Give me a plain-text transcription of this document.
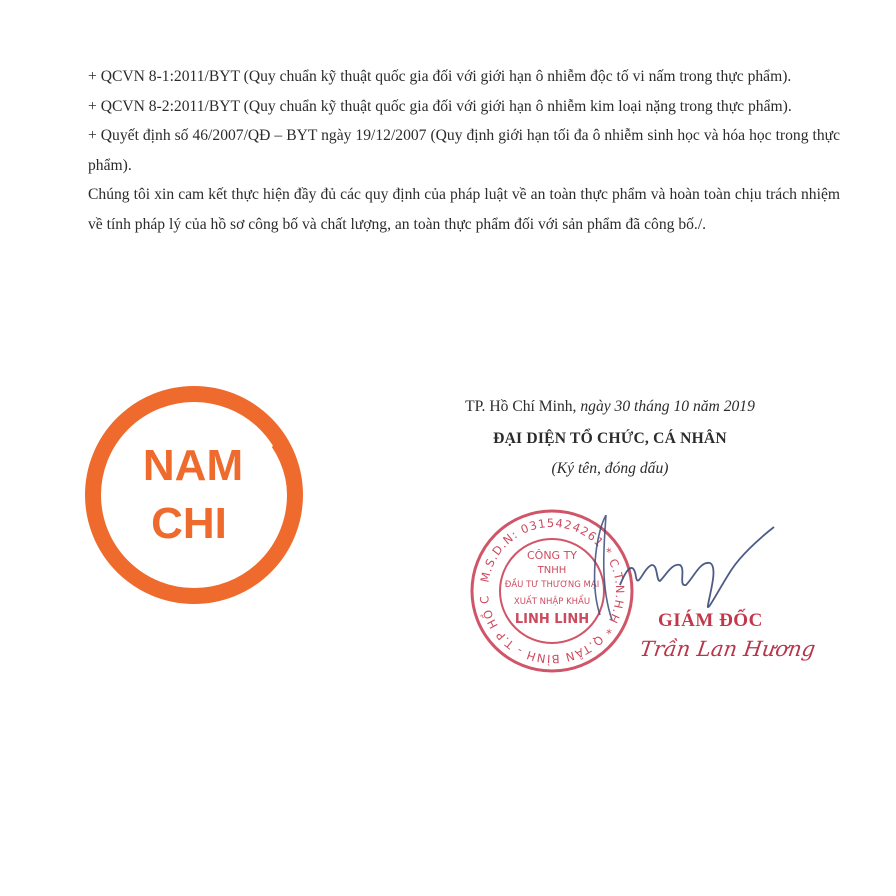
+ QCVN 8-1:2011/BYT (Quy chuẩn kỹ thuật quốc gia đối với giới hạn ô nhiễm độc tố vi nấm trong thực phẩm).

+ QCVN 8-2:2011/BYT (Quy chuẩn kỹ thuật quốc gia đối với giới hạn ô nhiễm kim loại nặng trong thực phẩm).

+ Quyết định số 46/2007/QĐ – BYT ngày 19/12/2007 (Quy định giới hạn tối đa ô nhiễm sinh học và hóa học trong thực phẩm).

Chúng tôi xin cam kết thực hiện đầy đủ các quy định của pháp luật về an toàn thực phẩm và hoàn toàn chịu trách nhiệm về tính pháp lý của hồ sơ công bố và chất lượng, an toàn thực phẩm đối với sản phẩm đã công bố./.

TP. Hồ Chí Minh, ngày 30 tháng 10 năm 2019
ĐẠI DIỆN TỔ CHỨC, CÁ NHÂN
(Ký tên, đóng dấu)
NAM
CHI
M.S.D.N: 0315424261 * C.T.N.H.H * Q.TÂN BÌNH - T.P HỒ C
CÔNG TY
TNHH
ĐẦU TƯ THƯƠNG MẠI
XUẤT NHẬP KHẨU
LINH LINH	GIÁM ĐỐC
Trần Lan Hương
